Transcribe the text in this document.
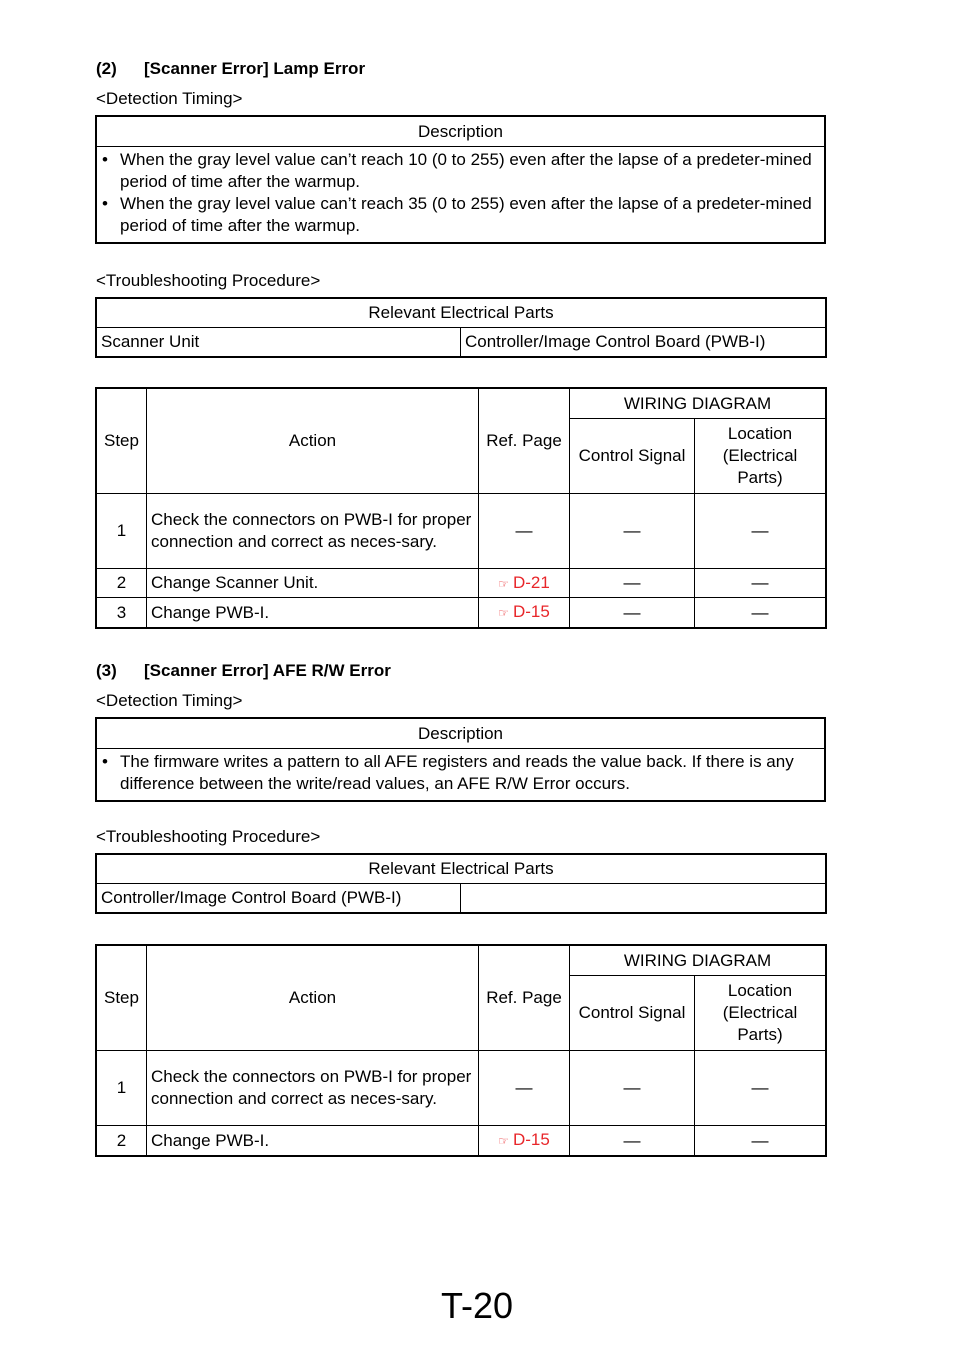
(2) [Scanner Error] Lamp Error
<Detection Timing>
Description

• When the gray level value can’t reach 10 (0 to 255) even after the lapse of a predeter-mined period of time after the warmup.
• When the gray level value can’t reach 35 (0 to 255) even after the lapse of a predeter-mined period of time after the warmup.
<Troubleshooting Procedure>
Relevant Electrical Parts
Scanner Unit	Controller/Image Control Board (PWB-I)
Step	Action	Ref. Page	WIRING DIAGRAM	
			Control Signal	Location (Electrical Parts)
1	Check the connectors on PWB-I for proper connection and correct as neces-sary.	—	—	—
2	Change Scanner Unit.	☞ D-21	—	—
3	Change PWB-I.	☞ D-15	—	—
(3) [Scanner Error] AFE R/W Error
<Detection Timing>
Description

• The firmware writes a pattern to all AFE registers and reads the value back. If there is any difference between the write/read values, an AFE R/W Error occurs.
<Troubleshooting Procedure>
Relevant Electrical Parts
Controller/Image Control Board (PWB-I)	
Step	Action	Ref. Page	WIRING DIAGRAM	
			Control Signal	Location (Electrical Parts)
1	Check the connectors on PWB-I for proper connection and correct as neces-sary.	—	—	—
2	Change PWB-I.	☞ D-15	—	—
T-20
